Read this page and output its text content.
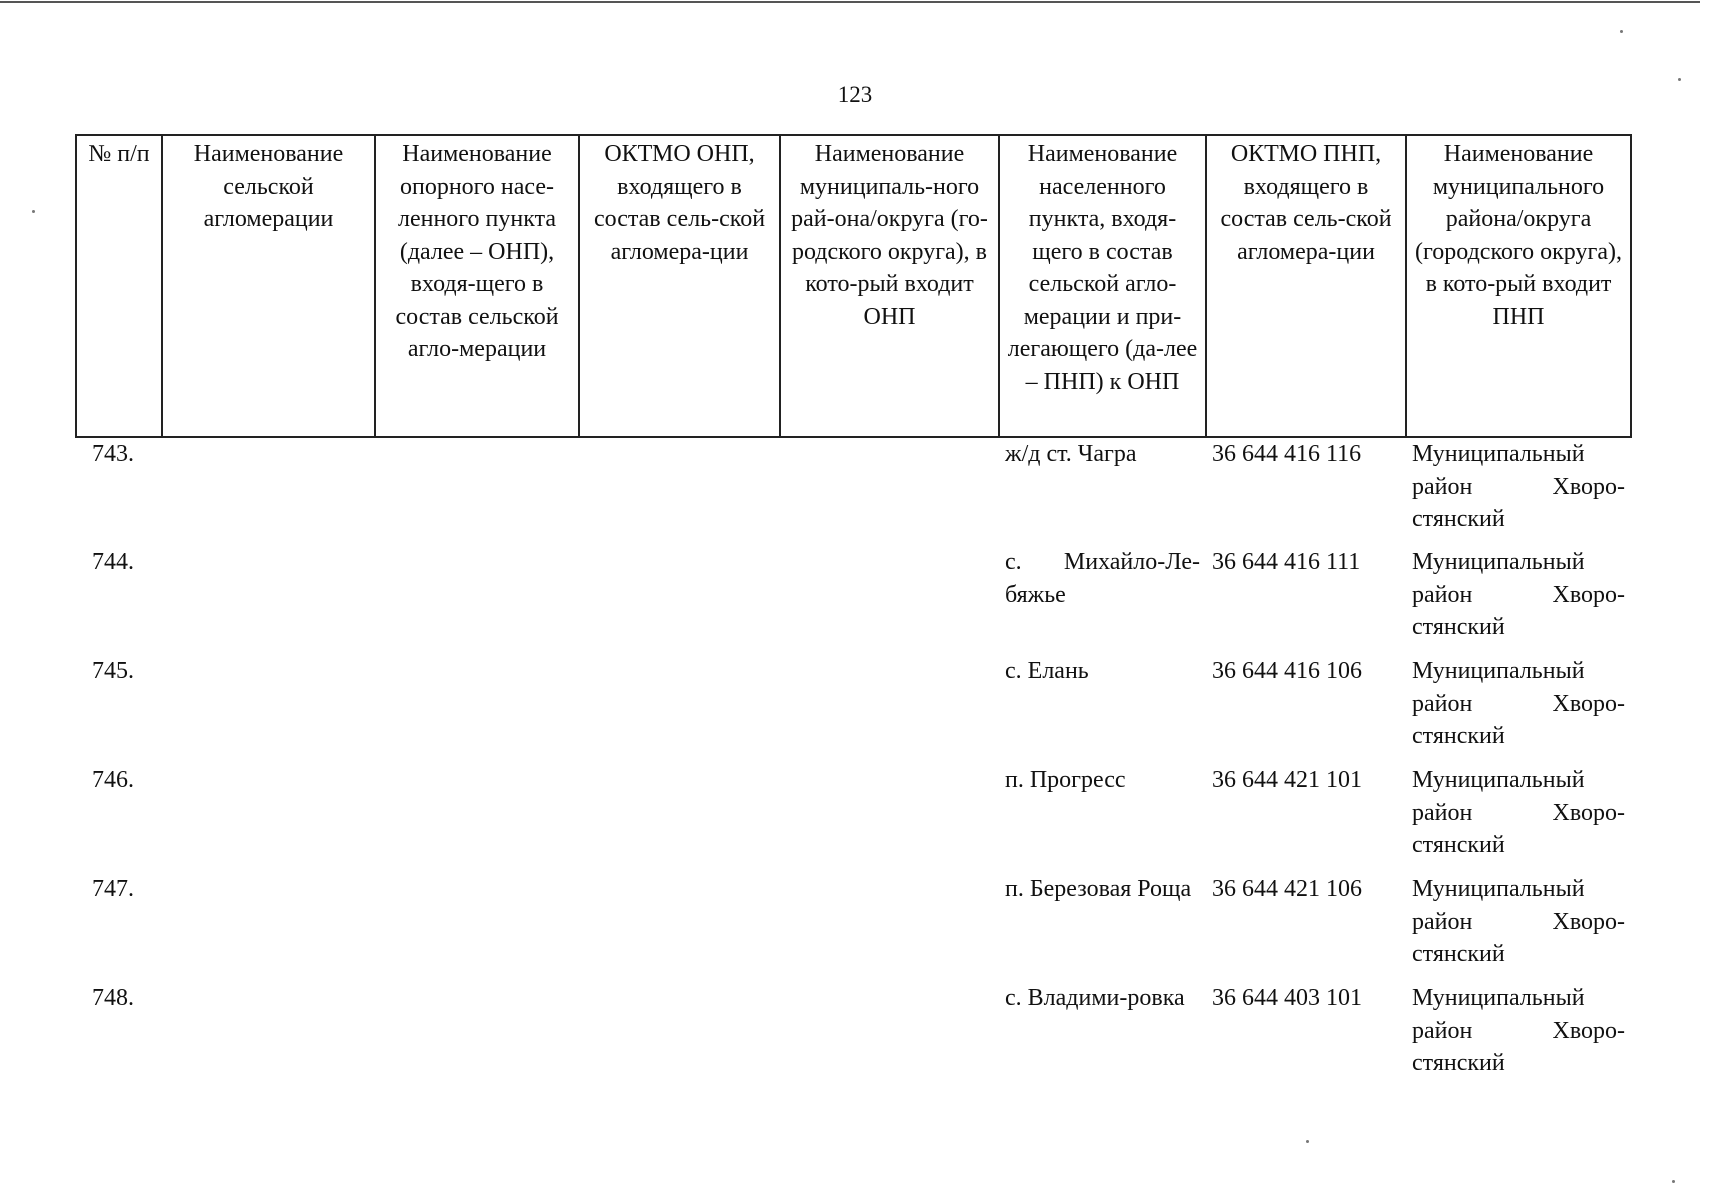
123
№ п/п	Наименование сельской агломерации	Наименование опорного насе-ленного пункта (далее – ОНП), входя-щего в состав сельской агло-мерации	ОКТМО ОНП, входящего в состав сель-ской агломера-ции	Наименование муниципаль-ного рай-она/округа (го-родского округа), в кото-рый входит ОНП	Наименование населенного пункта, входя-щего в состав сельской агло-мерации и при-легающего (да-лее – ПНП) к ОНП	ОКТМО ПНП, входящего в состав сель-ской агломера-ции	Наименование муниципального района/округа (городского округа), в кото-рый входит ПНП
743.					ж/д ст. Чагра	36 644 416 116	Муниципальный район Хворо-стянский
744.					с. Михайло-Ле-бяжье	36 644 416 111	Муниципальный район Хворо-стянский
745.					с. Елань	36 644 416 106	Муниципальный район Хворо-стянский
746.					п. Прогресс	36 644 421 101	Муниципальный район Хворо-стянский
747.					п. Березовая Роща	36 644 421 106	Муниципальный район Хворо-стянский
748.					с. Владими-ровка	36 644 403 101	Муниципальный район Хворо-стянский
